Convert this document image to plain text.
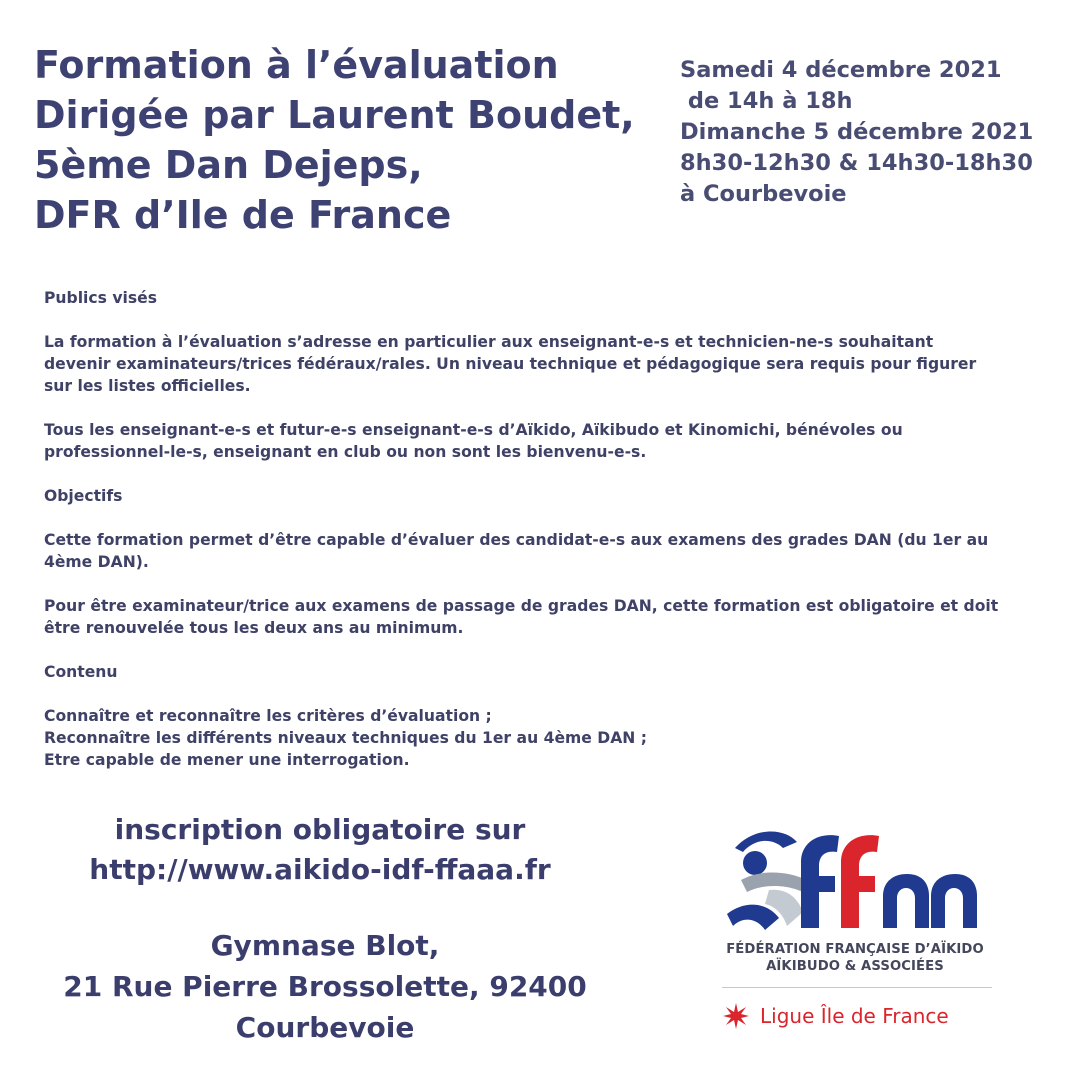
Formation à l’évaluation
Dirigée par Laurent Boudet,
5ème Dan Dejeps,
DFR d’Ile de France
Samedi 4 décembre 2021
de 14h à 18h
Dimanche 5 décembre 2021
8h30-12h30 & 14h30-18h30
à Courbevoie

Publics visés

La formation à l’évaluation s’adresse en particulier aux enseignant-e-s et technicien-ne-s souhaitant
devenir examinateurs/trices fédéraux/rales. Un niveau technique et pédagogique sera requis pour figurer
sur les listes officielles.

Tous les enseignant-e-s et futur-e-s enseignant-e-s d’Aïkido, Aïkibudo et Kinomichi, bénévoles ou
professionnel-le-s, enseignant en club ou non sont les bienvenu-e-s.

Objectifs

Cette formation permet d’être capable d’évaluer des candidat-e-s aux examens des grades DAN (du 1er au
4ème DAN).

Pour être examinateur/trice aux examens de passage de grades DAN, cette formation est obligatoire et doit
être renouvelée tous les deux ans au minimum.

Contenu

Connaître et reconnaître les critères d’évaluation ;
Reconnaître les différents niveaux techniques du 1er au 4ème DAN ;
Etre capable de mener une interrogation.

inscription obligatoire sur
http://www.aikido-idf-ffaaa.fr
Gymnase Blot,
21 Rue Pierre Brossolette, 92400
Courbevoie
FÉDÉRATION FRANÇAISE D’AÏKIDO
AÏKIBUDO & ASSOCIÉES
Ligue Île de France
